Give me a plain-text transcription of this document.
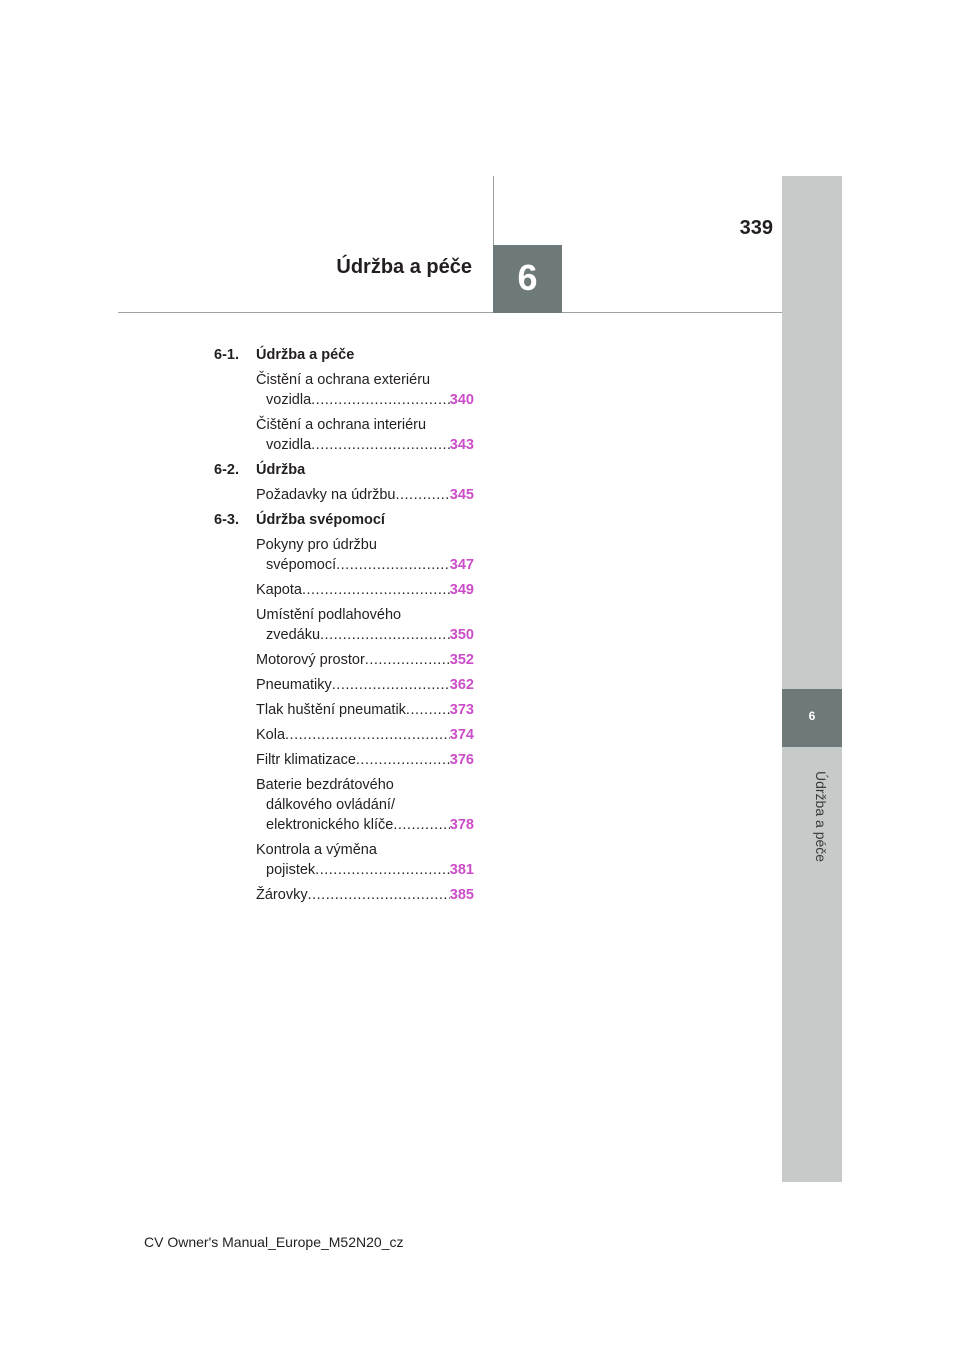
6
Údržba a péče
339
Údržba a péče	6
6-1.	Údržba a péče
Čistění a ochrana exteriéru
vozidla .....	340
Čištění a ochrana interiéru
vozidla .....	343
6-2.	Údržba
Požadavky na údržbu .....	345
6-3.	Údržba svépomocí
Pokyny pro údržbu
svépomocí .....	347
Kapota .....	349
Umístění podlahového
zvedáku .....	350
Motorový prostor .....	352
Pneumatiky .....	362
Tlak huštění pneumatik .....	373
Kola .....	374
Filtr klimatizace .....	376
Baterie bezdrátového
dálkového ovládání/
elektronického klíče .....	378
Kontrola a výměna
pojistek .....	381
Žárovky .....	385
CV Owner's Manual_Europe_M52N20_cz
